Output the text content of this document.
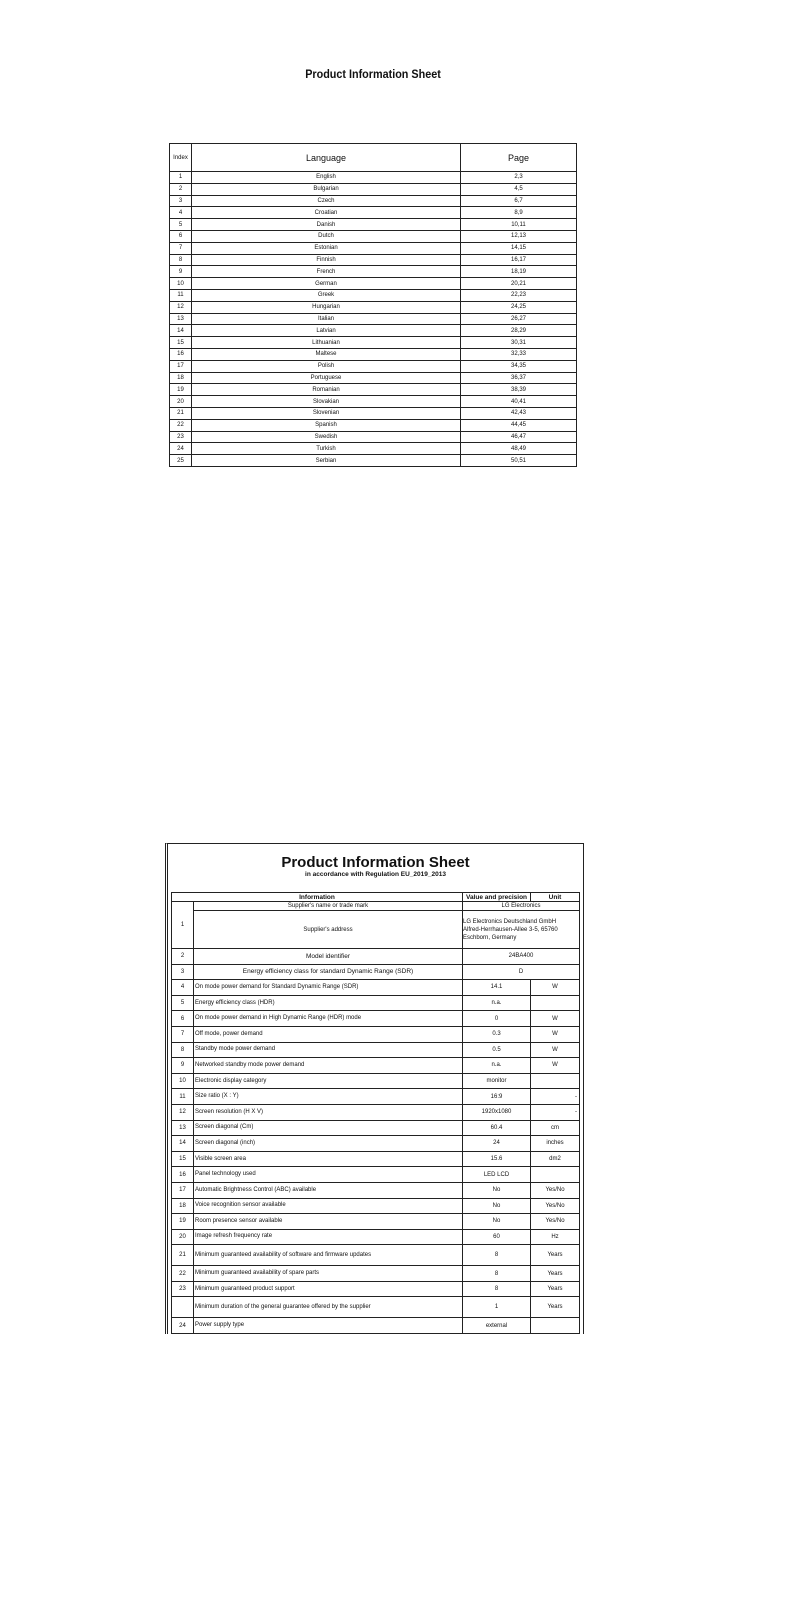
Product Information Sheet
Index	Language	Page
1	English	2,3
2	Bulgarian	4,5
3	Czech	6,7
4	Croatian	8,9
5	Danish	10,11
6	Dutch	12,13
7	Estonian	14,15
8	Finnish	16,17
9	French	18,19
10	German	20,21
11	Greek	22,23
12	Hungarian	24,25
13	Italian	26,27
14	Latvian	28,29
15	Lithuanian	30,31
16	Maltese	32,33
17	Polish	34,35
18	Portuguese	36,37
19	Romanian	38,39
20	Slovakian	40,41
21	Slovenian	42,43
22	Spanish	44,45
23	Swedish	46,47
24	Turkish	48,49
25	Serbian	50,51
Product Information Sheet
in accordance with Regulation EU_2019_2013
Information		Value and precision	Unit
1	Supplier's name or trade mark	LG Electronics	
	Supplier's address	LG Electronics Deutschland GmbH
Alfred-Herrhausen-Allee 3-5, 65760 Eschborn, Germany	
2	Model identifier	24BA400	
3	Energy efficiency class for standard Dynamic Range (SDR)	D	
4	On mode power demand for Standard Dynamic Range (SDR)	14.1	W
5	Energy efficiency class (HDR)	n.a.	
6	On mode power demand in High Dynamic Range (HDR) mode	0	W
7	Off mode, power demand	0.3	W
8	Standby mode power demand	0.5	W
9	Networked standby mode power demand	n.a.	W
10	Electronic display category	monitor	
11	Size ratio (X : Y)	16:9	-
12	Screen resolution (H X V)	1920x1080	-
13	Screen diagonal (Cm)	60.4	cm
14	Screen diagonal (inch)	24	inches
15	Visible screen area	15.6	dm2
16	Panel technology used	LED LCD	
17	Automatic Brightness Control (ABC) available	No	Yes/No
18	Voice recognition sensor available	No	Yes/No
19	Room presence sensor available	No	Yes/No
20	Image refresh frequency rate	60	Hz
21	Minimum guaranteed availability of software and firmware updates	8	Years
22	Minimum guaranteed availability of spare parts	8	Years
23	Minimum guaranteed product support	8	Years
	Minimum duration of the general guarantee offered by the supplier	1	Years
24	Power supply type	external	
